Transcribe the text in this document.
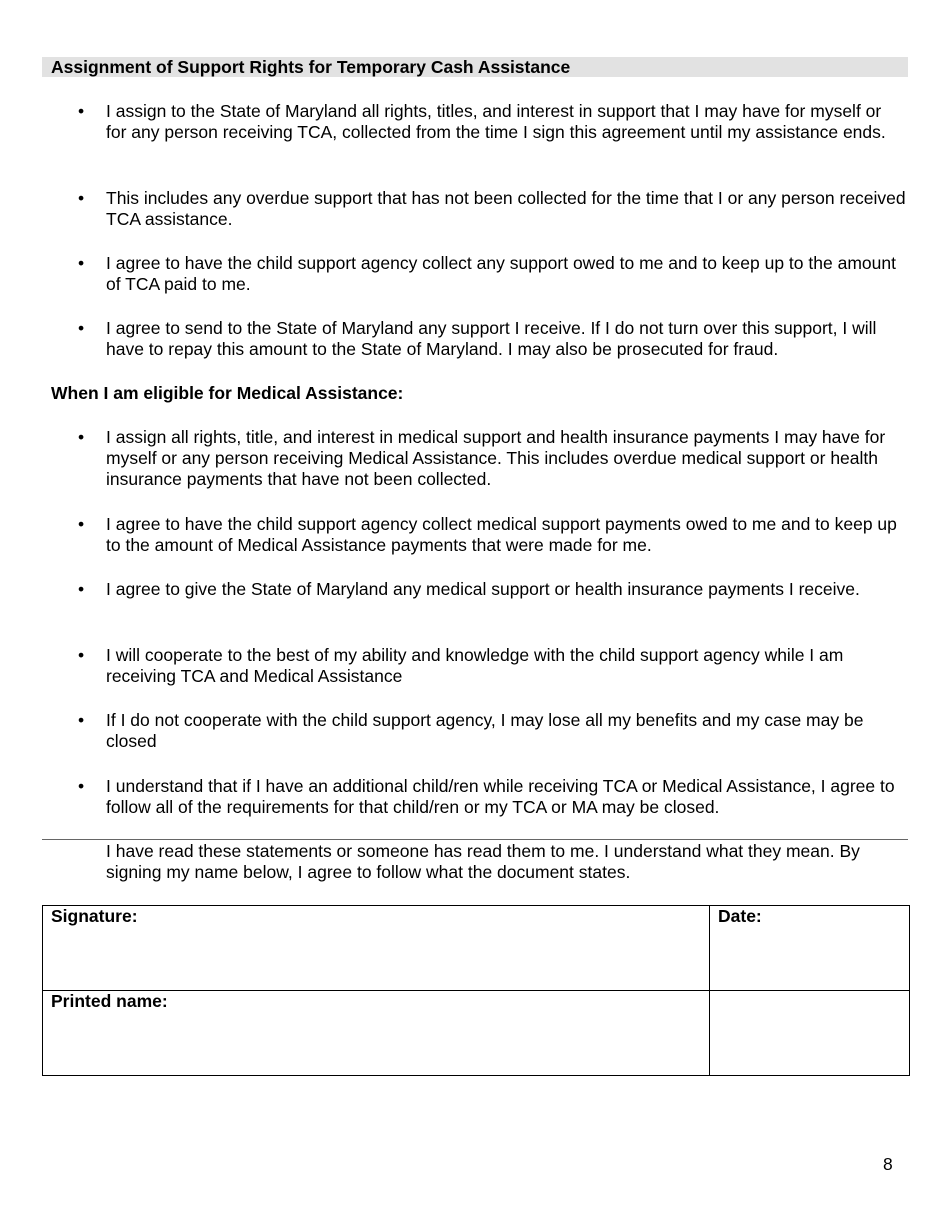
Assignment of Support Rights for Temporary Cash Assistance
• I assign to the State of Maryland all rights, titles, and interest in support that I may have for myself or for any person receiving TCA, collected from the time I sign this agreement until my assistance ends.
• This includes any overdue support that has not been collected for the time that I or any person received TCA assistance.
• I agree to have the child support agency collect any support owed to me and to keep up to the amount of TCA paid to me.
• I agree to send to the State of Maryland any support I receive. If I do not turn over this support, I will have to repay this amount to the State of Maryland. I may also be prosecuted for fraud.
When I am eligible for Medical Assistance:
• I assign all rights, title, and interest in medical support and health insurance payments I may have for myself or any person receiving Medical Assistance. This includes overdue medical support or health insurance payments that have not been collected.
• I agree to have the child support agency collect medical support payments owed to me and to keep up to the amount of Medical Assistance payments that were made for me.
• I agree to give the State of Maryland any medical support or health insurance payments I receive.
• I will cooperate to the best of my ability and knowledge with the child support agency while I am receiving TCA and Medical Assistance
• If I do not cooperate with the child support agency, I may lose all my benefits and my case may be closed
• I understand that if I have an additional child/ren while receiving TCA or Medical Assistance, I agree to follow all of the requirements for that child/ren or my TCA or MA may be closed.
I have read these statements or someone has read them to me. I understand what they mean. By signing my name below, I agree to follow what the document states.
Signature:	Date:
Printed name:	
8
